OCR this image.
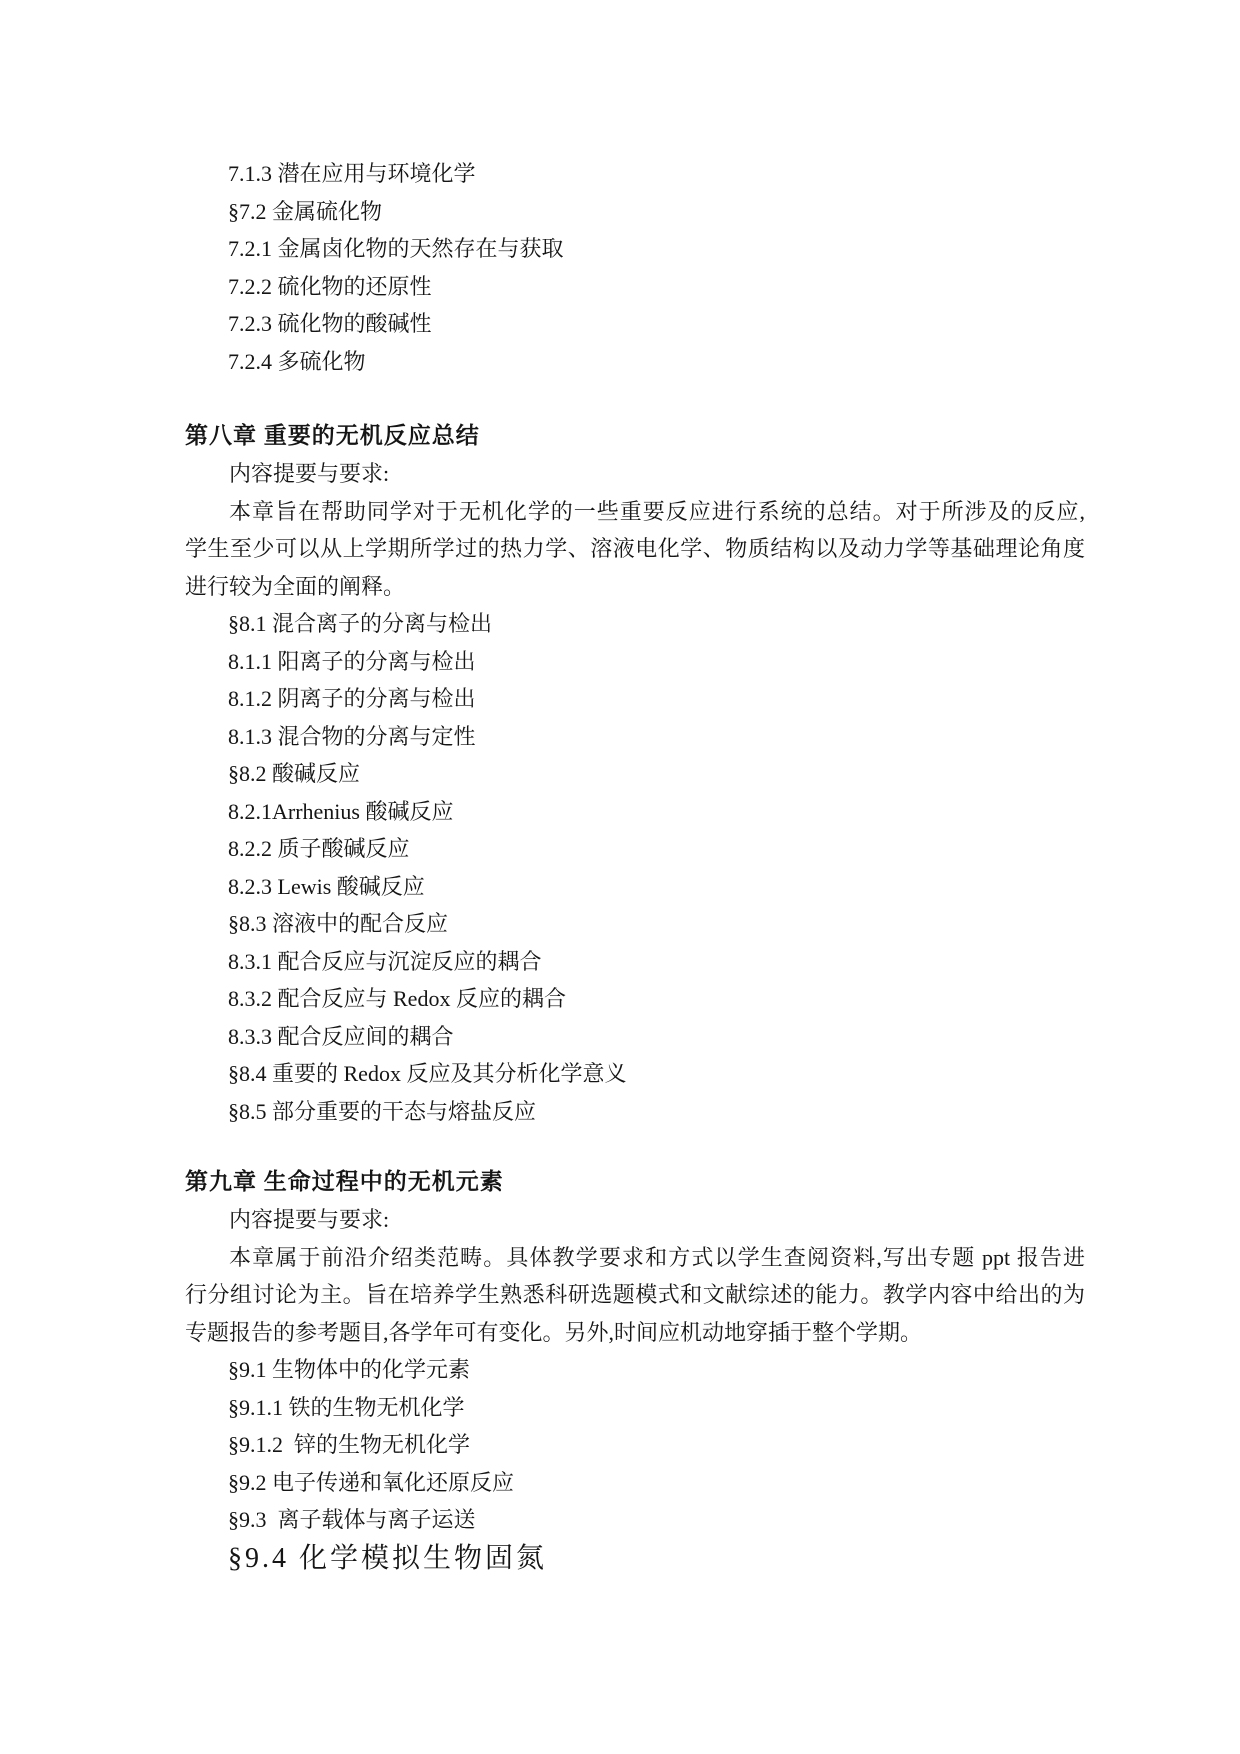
7.1.3 潜在应用与环境化学
§7.2 金属硫化物
7.2.1 金属卤化物的天然存在与获取
7.2.2 硫化物的还原性
7.2.3 硫化物的酸碱性
7.2.4 多硫化物
第八章 重要的无机反应总结
内容提要与要求:
本章旨在帮助同学对于无机化学的一些重要反应进行系统的总结。对于所涉及的反应,
学生至少可以从上学期所学过的热力学、溶液电化学、物质结构以及动力学等基础理论角度
进行较为全面的阐释。
§8.1 混合离子的分离与检出
8.1.1 阳离子的分离与检出
8.1.2 阴离子的分离与检出
8.1.3 混合物的分离与定性
§8.2 酸碱反应
8.2.1Arrhenius 酸碱反应
8.2.2 质子酸碱反应
8.2.3 Lewis 酸碱反应
§8.3 溶液中的配合反应
8.3.1 配合反应与沉淀反应的耦合
8.3.2 配合反应与 Redox 反应的耦合
8.3.3 配合反应间的耦合
§8.4 重要的 Redox 反应及其分析化学意义
§8.5 部分重要的干态与熔盐反应
第九章 生命过程中的无机元素
内容提要与要求:
本章属于前沿介绍类范畴。具体教学要求和方式以学生查阅资料,写出专题 ppt 报告进
行分组讨论为主。旨在培养学生熟悉科研选题模式和文献综述的能力。教学内容中给出的为
专题报告的参考题目,各学年可有变化。另外,时间应机动地穿插于整个学期。
§9.1 生物体中的化学元素
§9.1.1 铁的生物无机化学
§9.1.2  锌的生物无机化学
§9.2 电子传递和氧化还原反应
§9.3  离子载体与离子运送
§9.4 化学模拟生物固氮
